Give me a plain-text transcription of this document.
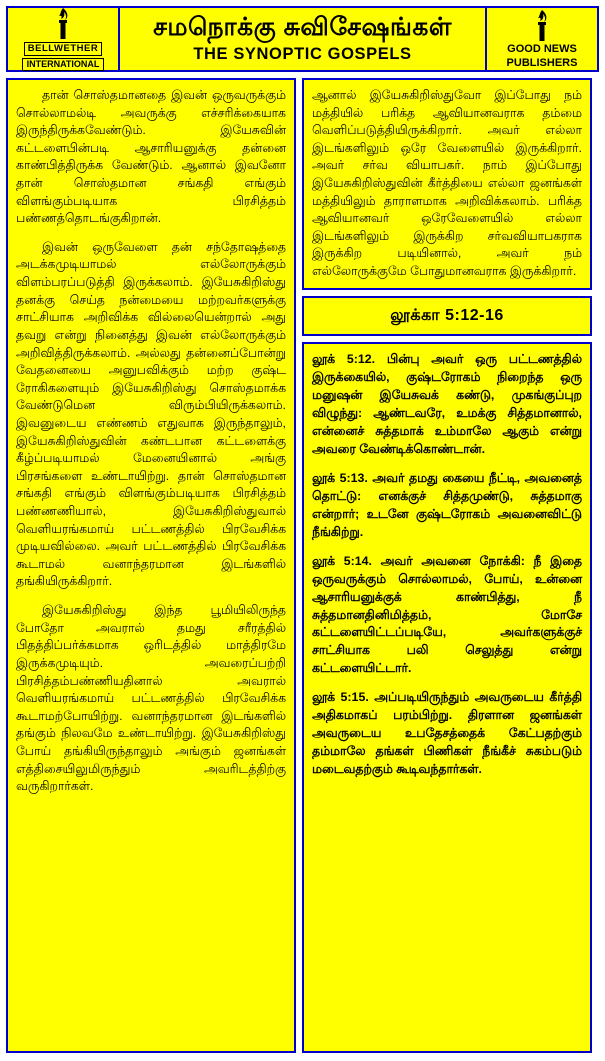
BELLWETHER
INTERNATIONAL
சமநொக்கு சுவிசேஷங்கள்
THE SYNOPTIC GOSPELS	GOOD NEWS
PUBLISHERS

தான் சொஸ்தமானதை இவன் ஒருவருக்கும் சொல்லாமல்டி அவருக்கு எச்சரிக்கையாக இருந்திருக்கவேண்டும். இயேசுவின் கட்டளைபின்படி ஆசாரியனுக்கு தன்னை காண்பித்திருக்க வேண்டும். ஆனால் இவனோ தான் சொஸ்தமான சங்கதி எங்கும் விளங்கும்படியாக பிரசித்தம் பண்ணத்தொடங்குகிறான்.

இவன் ஒருவேளை தன் சந்தோஷத்தை அடக்கமுடியாமல் எல்லோருக்கும் விளம்பரப்படுத்தி இருக்கலாம். இயேசுகிறிஸ்து தனக்கு செய்த நன்மையை மற்றவர்களுக்கு சாட்சியாக அறிவிக்க வில்லையென்றால் அது தவறு என்று நினைத்து இவன் எல்லோருக்கும் அறிவித்திருக்கலாம். அல்லது தன்னைப்போன்று வேதனையை அனுபவிக்கும் மற்ற குஷ்ட ரோகிகளையும் இயேசுகிறிஸ்து சொஸ்தமாக்க வேண்டுமென விரும்பியிருக்கலாம். இவனுடைய எண்ணம் எதுவாக இருந்தாலும், இயேசுகிறிஸ்துவின் கண்டபான கட்டளைக்கு கீழ்ப்படியாமல் மேனையினால் அங்கு பிரசங்களை உண்டாயிற்று. தான் சொஸ்தமான சங்கதி எங்கும் விளங்கும்படியாக பிரசித்தம் பண்ணணியால், இயேசுகிறிஸ்துவால் வெளியரங்கமாய் பட்டணத்தில் பிரவேசிக்க முடியவில்லை. அவர் பட்டணத்தில் பிரவேசிக்க கூடாமல் வனாந்தரமான இடங்களில் தங்கியிருக்கிறார்.

இயேசுகிறிஸ்து இந்த பூமியிலிருந்த போதோ அவரால் தமது சரீரத்தில் பிதத்திப்பர்க்கமாக ஒரிடத்தில் மாத்திரமே இருக்கமுடியும். அவரைப்பற்றி பிரசித்தம்பண்ணியதினால் அவரால் வெளியரங்கமாய் பட்டணத்தில் பிரவேசிக்க கூடாமற்போயிற்று. வனாந்தரமான இடங்களில் தங்கும் நிலவமே உண்டாயிற்று. இயேசுகிறிஸ்து போய் தங்கியிருந்தாலும் அங்கும் ஜனங்கள் எத்திசையிலுமிருந்தும் அவரிடத்திற்கு வருகிறார்கள்.

ஆனால் இயேசுகிறிஸ்துவோ இப்போது நம் மத்தியில் பரிக்த ஆவியானவராக தம்மை வெளிப்படுத்தியிருக்கிறார். அவர் எல்லா இடங்களிலும் ஒரே வேளையில் இருக்கிறார். அவர் சர்வ வியாபகர். நாம் இப்போது இயேசுகிறிஸ்துவின் கீர்த்தியை எல்லா ஜனங்கள் மத்தியிலும் தாராளமாக அறிவிக்கலாம். பரிக்த ஆவியானவர் ஒரேவேளையில் எல்லா இடங்களிலும் இருக்கிற சர்வவியாபகராக இருக்கிற படியினால், அவர் நம் எல்லோருக்குமே போதுமானவராக இருக்கிறார்.

லூக்கா 5:12-16

லூக் 5:12. பின்பு அவர் ஒரு பட்டணத்தில் இருக்கையில், குஷ்டரோகம் நிறைந்த ஒரு மனுஷன் இயேசுவக் கண்டு, முகங்குப்புற விழுந்து: ஆண்டவரே, உமக்கு சித்தமானால், என்னைச் சுத்தமாக் உம்மாலே ஆகும் என்று அவரை வேண்டிக்கொண்டான்.

லூக் 5:13. அவர் தமது கையை நீட்டி, அவனைத் தொட்டு: எனக்குச் சித்தமுண்டு, சுத்தமாகு என்றார்; உடனே குஷ்டரோகம் அவனைவிட்டு நீங்கிற்று.

லூக் 5:14. அவர் அவனை நோக்கி: நீ இதை ஒருவருக்கும் சொல்லாமல், போய், உன்னை ஆசாரியனுக்குக் காண்பித்து, நீ சுத்தமானதினிமித்தம், மோசே கட்டளையிட்டப்படியே, அவர்களுக்குச் சாட்சியாக பலி செலுத்து என்று கட்டளையிட்டார்.

லூக் 5:15. அப்படியிருந்தும் அவருடைய கீர்த்தி அதிகமாகப் பரம்பிற்று. திரளான ஜனங்கள் அவருடைய உபதேசத்தைக் கேட்பதற்கும் தம்மாலே தங்கள் பிணிகள் நீங்கீச் சுகம்படும் மடைவதற்கும் கூடிவந்தார்கள்.
